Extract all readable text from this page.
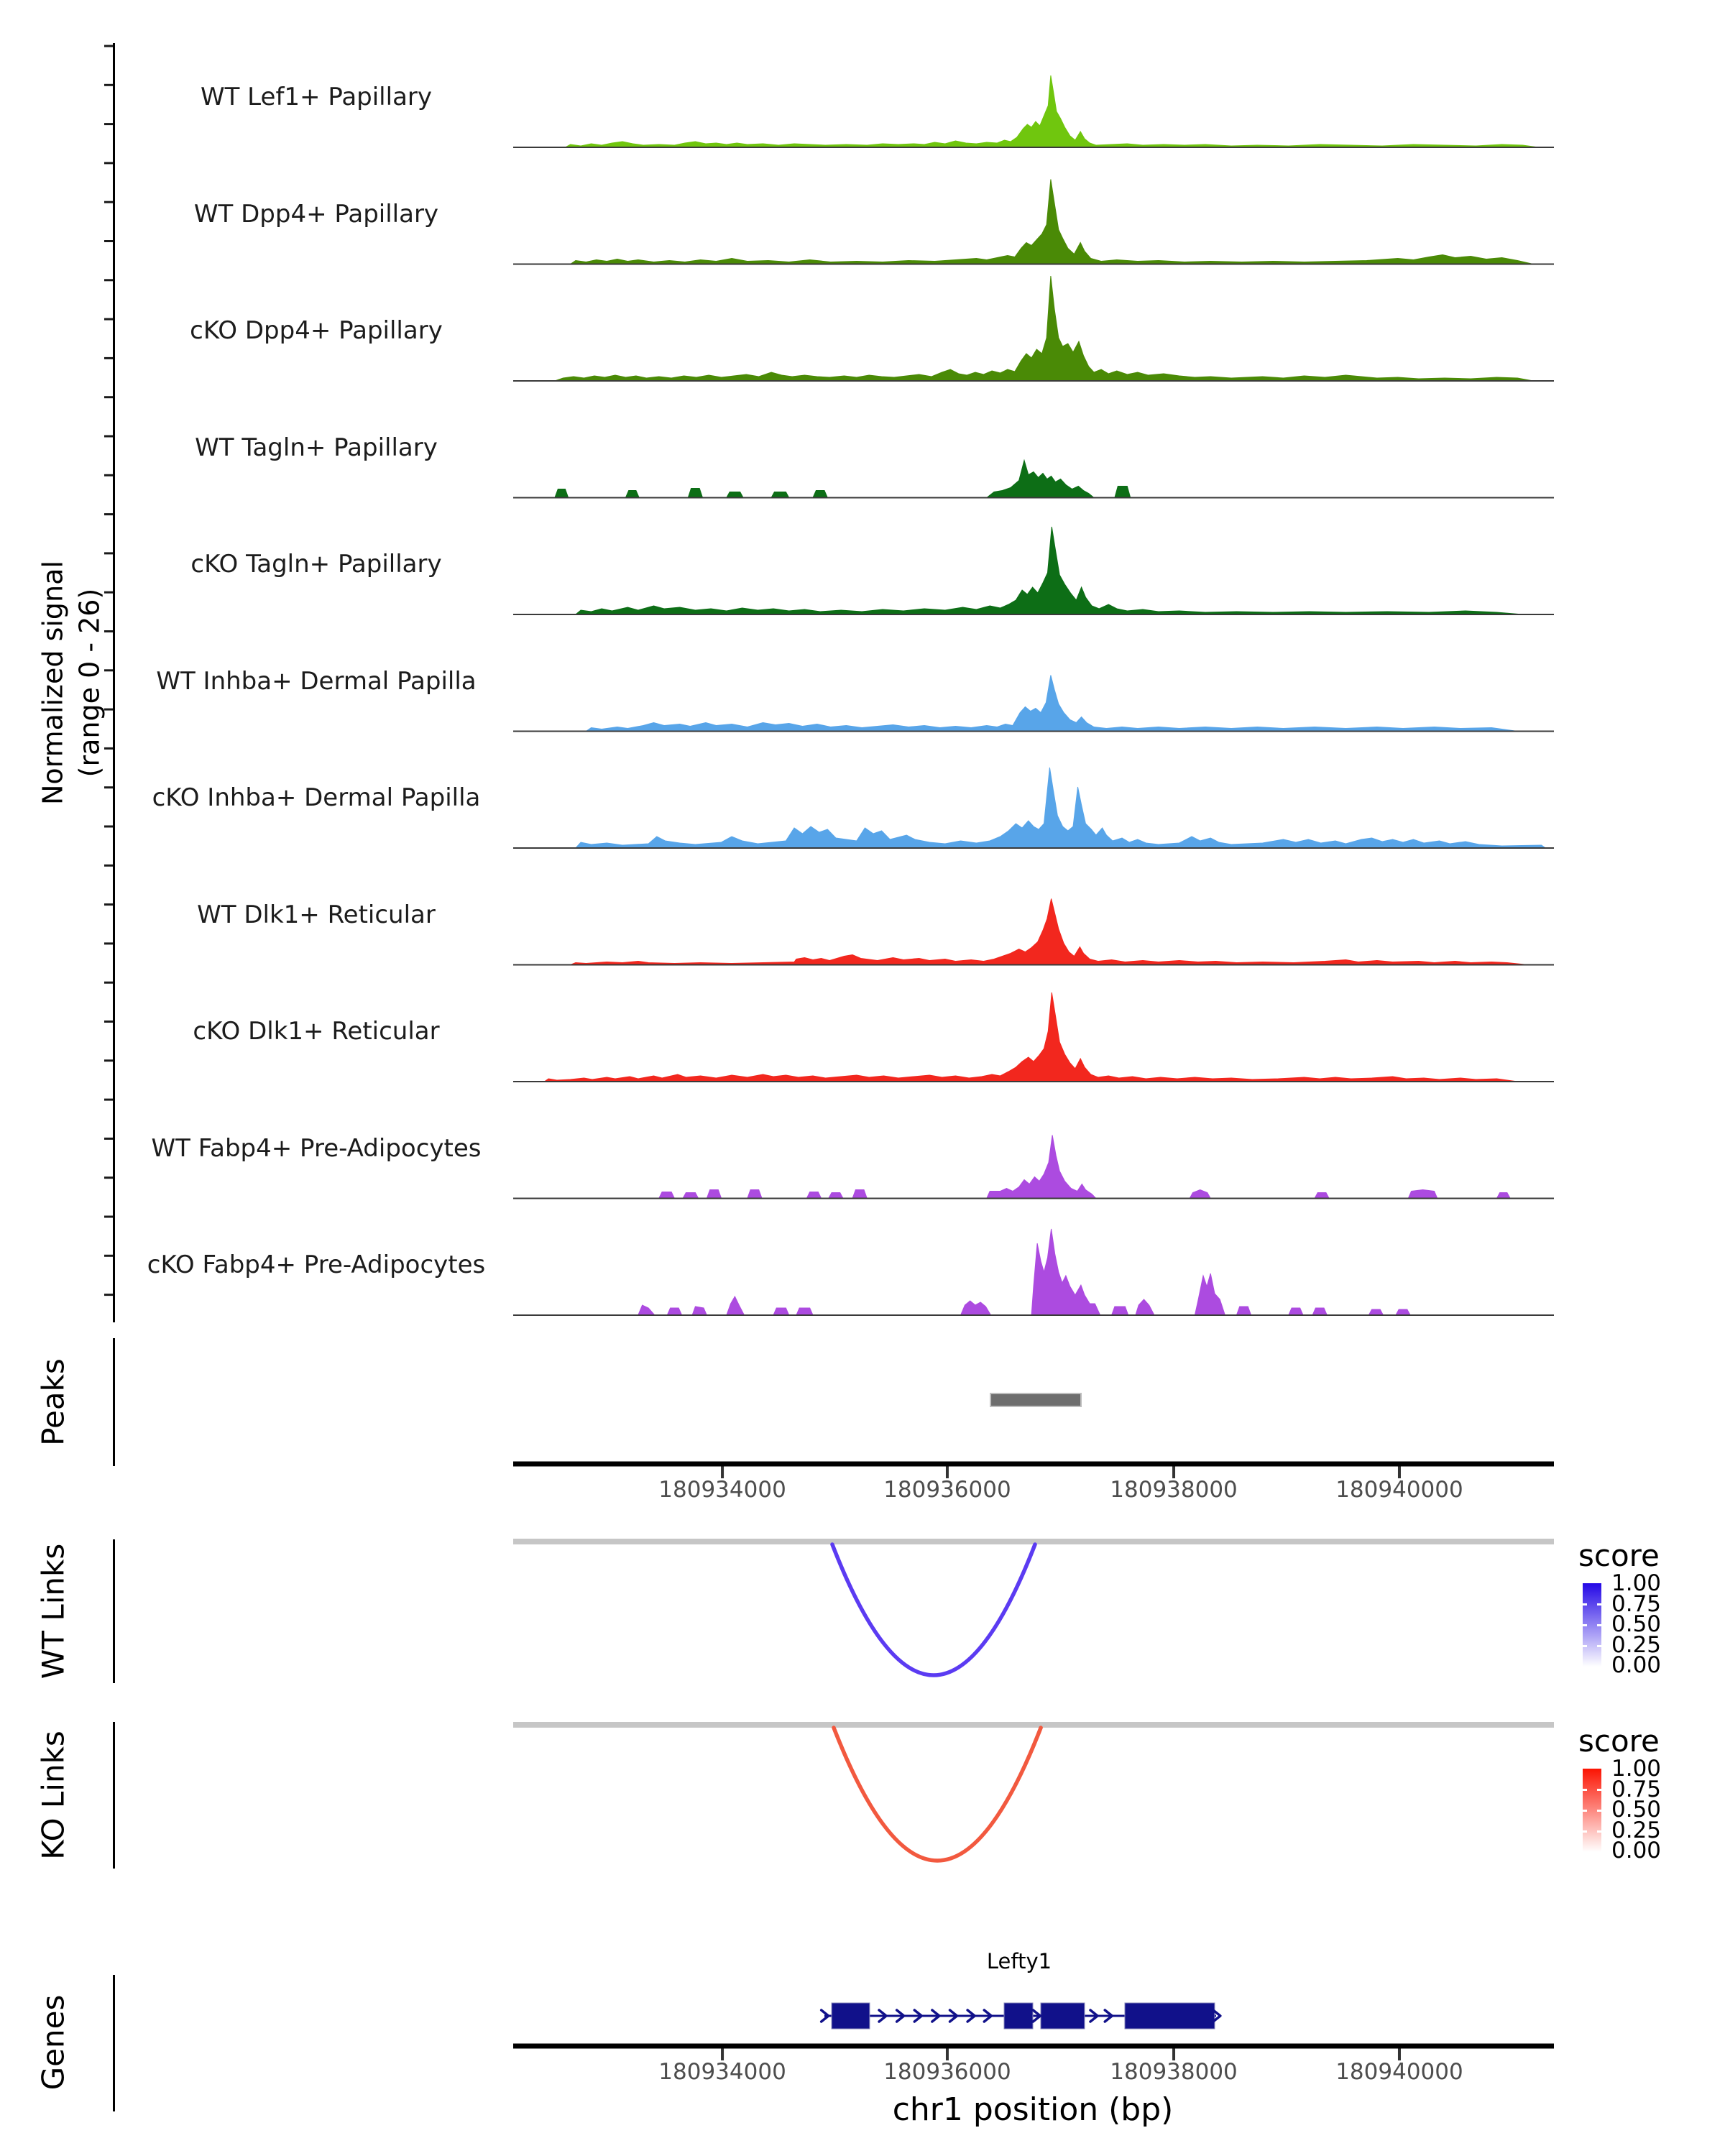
Normalized signal (range 0 - 26)
WT Lef1+ Papillary
WT Dpp4+ Papillary
cKO Dpp4+ Papillary
WT Tagln+ Papillary
cKO Tagln+ Papillary
WT Inhba+ Dermal Papilla
cKO Inhba+ Dermal Papilla
WT Dlk1+ Reticular
cKO Dlk1+ Reticular
WT Fabp4+ Pre-Adipocytes
cKO Fabp4+ Pre-Adipocytes
Peaks
WT Links
KO Links
Genes
180934000	180936000	180938000	180940000
180934000	180936000	180938000	180940000
score
1.00
0.75
0.50
0.25
0.00
score
1.00
0.75
0.50
0.25
0.00
Lefty1
chr1 position (bp)
